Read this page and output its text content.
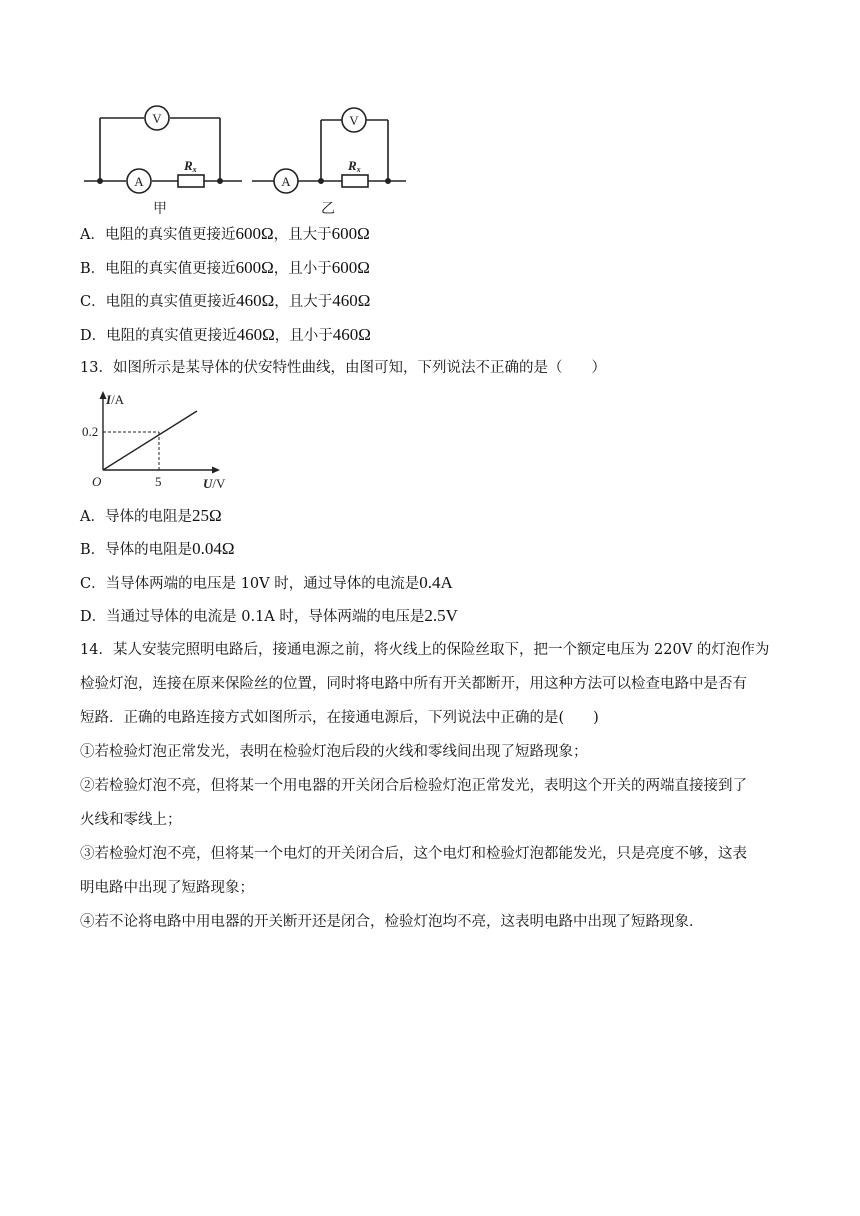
V
A
V
A
Rx	Rx
甲	乙
A．电阻的真实值更接近600Ω，且大于600Ω
B．电阻的真实值更接近600Ω，且小于600Ω
C．电阻的真实值更接近460Ω，且大于460Ω
D．电阻的真实值更接近460Ω，且小于460Ω
13．如图所示是某导体的伏安特性曲线，由图可知，下列说法不正确的是（　　）
I/A
0.2
O	5	U/V
A．导体的电阻是25Ω
B．导体的电阻是0.04Ω
C．当导体两端的电压是 10V 时，通过导体的电流是0.4A
D．当通过导体的电流是 0.1A 时，导体两端的电压是2.5V
14．某人安装完照明电路后，接通电源之前，将火线上的保险丝取下，把一个额定电压为 220V 的灯泡作为
检验灯泡，连接在原来保险丝的位置，同时将电路中所有开关都断开，用这种方法可以检查电路中是否有
短路．正确的电路连接方式如图所示，在接通电源后，下列说法中正确的是(　　)
①若检验灯泡正常发光，表明在检验灯泡后段的火线和零线间出现了短路现象；
②若检验灯泡不亮，但将某一个用电器的开关闭合后检验灯泡正常发光，表明这个开关的两端直接接到了
火线和零线上；
③若检验灯泡不亮，但将某一个电灯的开关闭合后，这个电灯和检验灯泡都能发光，只是亮度不够，这表
明电路中出现了短路现象；
④若不论将电路中用电器的开关断开还是闭合，检验灯泡均不亮，这表明电路中出现了短路现象．
